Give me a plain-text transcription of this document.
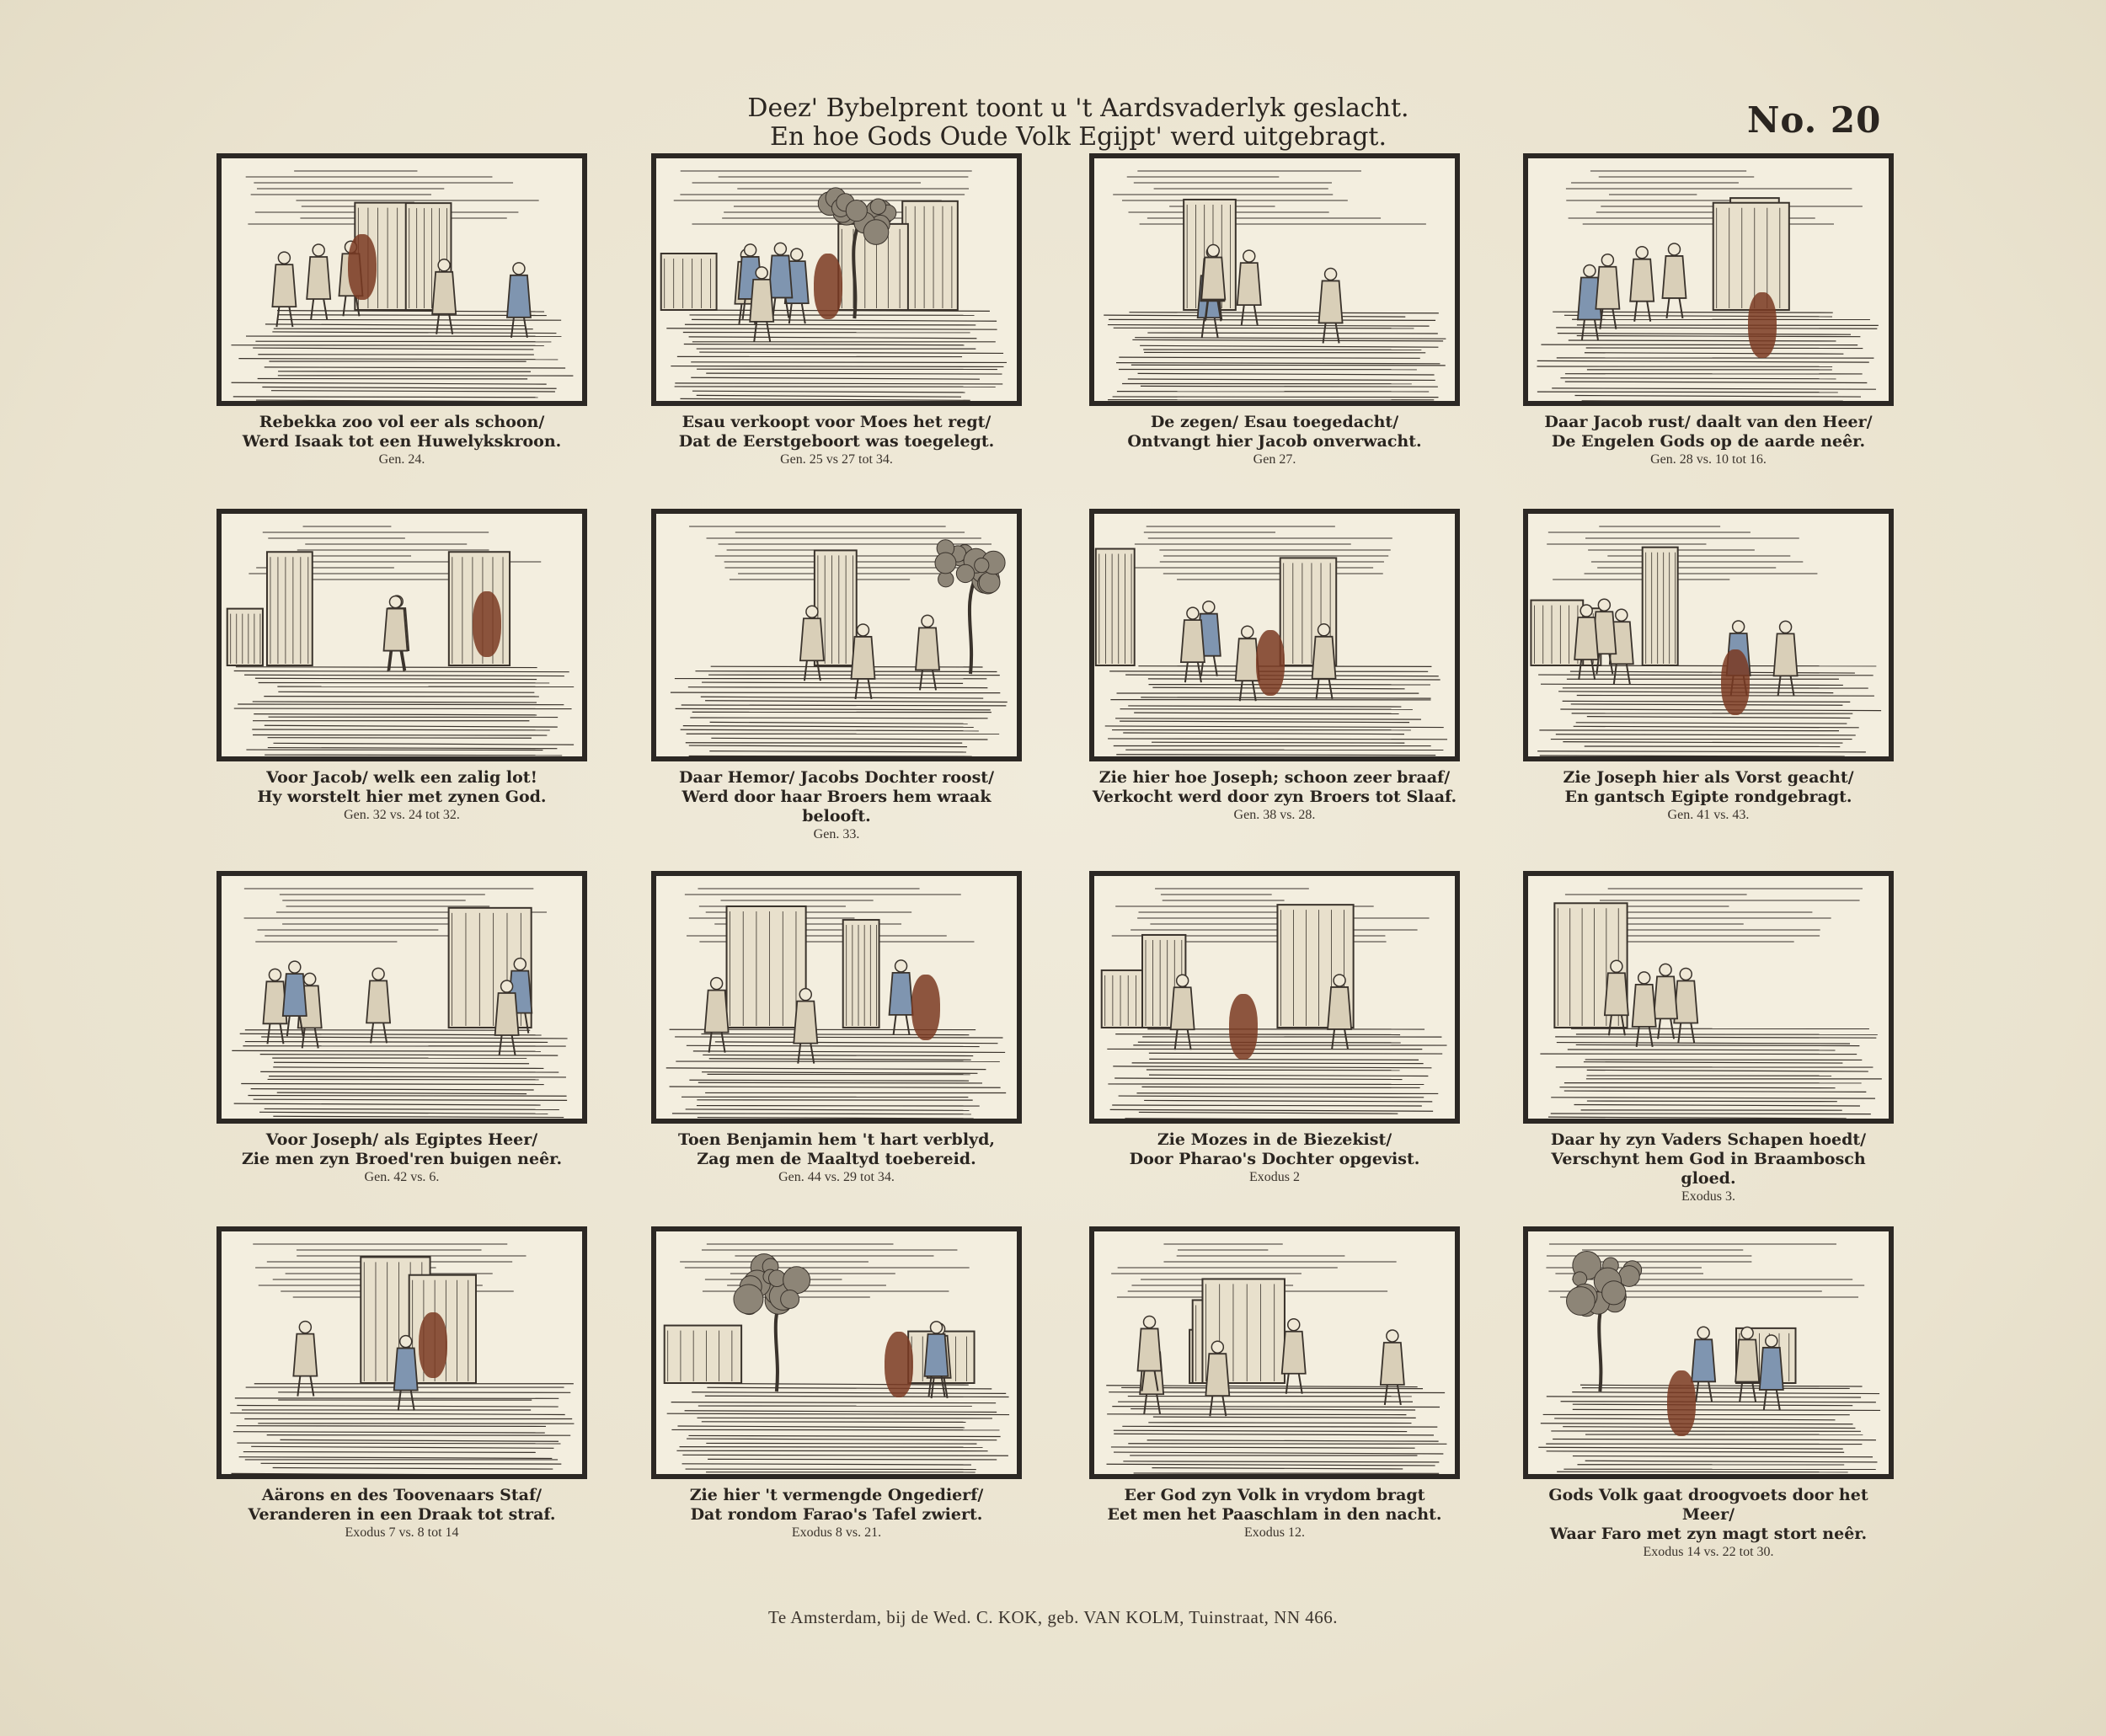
Deez' Bybelprent toont u 't Aardsvaderlyk geslacht.
En hoe Gods Oude Volk Egijpt' werd uitgebragt.	No. 20
Rebekka zoo vol eer als schoon/
Werd Isaak tot een Huwelykskroon.
Gen. 24.
Esau verkoopt voor Moes het regt/
Dat de Eerstgeboort was toegelegt.
Gen. 25 vs 27 tot 34.
De zegen/ Esau toegedacht/
Ontvangt hier Jacob onverwacht.
Gen 27.
Daar Jacob rust/ daalt van den Heer/
De Engelen Gods op de aarde neêr.
Gen. 28 vs. 10 tot 16.
Voor Jacob/ welk een zalig lot!
Hy worstelt hier met zynen God.
Gen. 32 vs. 24 tot 32.
Daar Hemor/ Jacobs Dochter roost/
Werd door haar Broers hem wraak belooft.
Gen. 33.
Zie hier hoe Joseph; schoon zeer braaf/
Verkocht werd door zyn Broers tot Slaaf.
Gen. 38 vs. 28.
Zie Joseph hier als Vorst geacht/
En gantsch Egipte rondgebragt.
Gen. 41 vs. 43.
Voor Joseph/ als Egiptes Heer/
Zie men zyn Broed'ren buigen neêr.
Gen. 42 vs. 6.
Toen Benjamin hem 't hart verblyd,
Zag men de Maaltyd toebereid.
Gen. 44 vs. 29 tot 34.
Zie Mozes in de Biezekist/
Door Pharao's Dochter opgevist.
Exodus 2
Daar hy zyn Vaders Schapen hoedt/
Verschynt hem God in Braambosch gloed.
Exodus 3.
Aärons en des Toovenaars Staf/
Veranderen in een Draak tot straf.
Exodus 7 vs. 8 tot 14
Zie hier 't vermengde Ongedierf/
Dat rondom Farao's Tafel zwiert.
Exodus 8 vs. 21.
Eer God zyn Volk in vrydom bragt
Eet men het Paaschlam in den nacht.
Exodus 12.
Gods Volk gaat droogvoets door het Meer/
Waar Faro met zyn magt stort neêr.
Exodus 14 vs. 22 tot 30.
Te Amsterdam, bij de Wed. C. KOK, geb. VAN KOLM, Tuinstraat, NN 466.
